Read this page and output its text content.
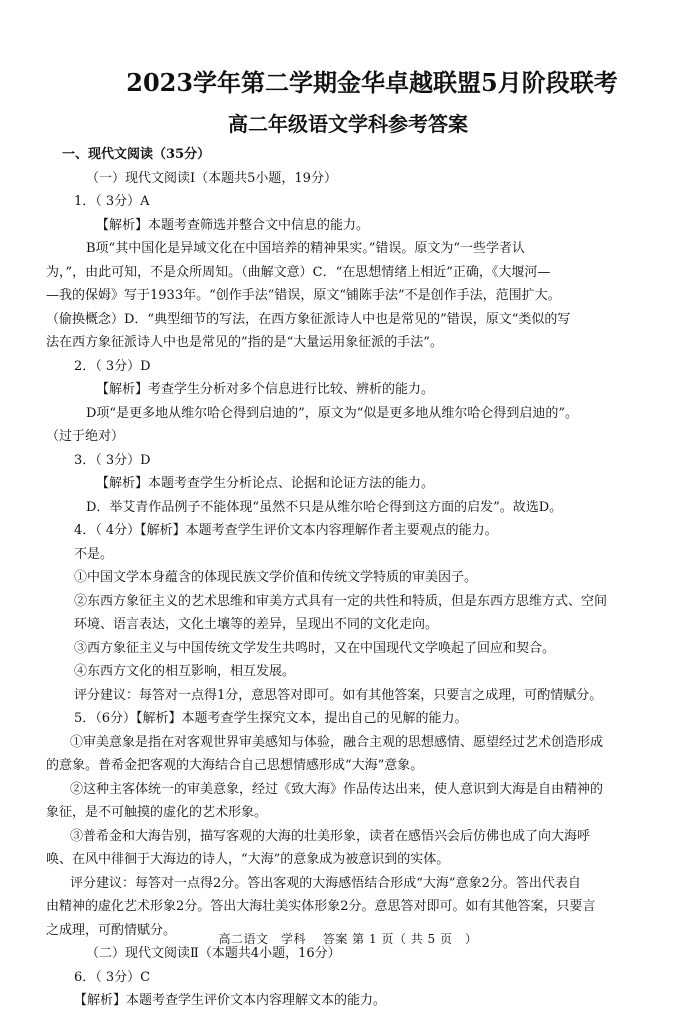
2023学年第二学期金华卓越联盟5月阶段联考
高二年级语文学科参考答案
一、现代文阅读（35分）
（一）现代文阅读Ⅰ（本题共5小题，19分）
1．（ 3分）A
【解析】本题考查筛选并整合文中信息的能力。
B项“其中国化是异域文化在中国培养的精神果实。”错误。原文为“一些学者认
为，”，由此可知，不是众所周知。（曲解文意）C．“在思想情绪上相近”正确，《大堰河—
—我的保姆》写于1933年。“创作手法”错误，原文“铺陈手法”不是创作手法，范围扩大。
（偷换概念）D．“典型细节的写法，在西方象征派诗人中也是常见的”错误，原文“类似的写
法在西方象征派诗人中也是常见的”指的是“大量运用象征派的手法”。
2．（ 3分）D
【解析】考查学生分析对多个信息进行比较、辨析的能力。
D项“是更多地从维尔哈仑得到启迪的”，原文为“似是更多地从维尔哈仑得到启迪的”。
（过于绝对）
3．（ 3分）D
【解析】本题考查学生分析论点、论据和论证方法的能力。
D．举艾青作品例子不能体现“虽然不只是从维尔哈仑得到这方面的启发”。故选D。
4．（ 4分）【解析】本题考查学生评价文本内容理解作者主要观点的能力。
不是。
①中国文学本身蕴含的体现民族文学价值和传统文学特质的审美因子。
②东西方象征主义的艺术思维和审美方式具有一定的共性和特质，但是东西方思维方式、空间
环境、语言表达，文化土壤等的差异，呈现出不同的文化走向。
③西方象征主义与中国传统文学发生共鸣时，又在中国现代文学唤起了回应和契合。
④东西方文化的相互影响，相互发展。
评分建议：每答对一点得1分，意思答对即可。如有其他答案，只要言之成理，可酌情赋分。
5．（6分）【解析】本题考查学生探究文本，提出自己的见解的能力。
①审美意象是指在对客观世界审美感知与体验，融合主观的思想感情、愿望经过艺术创造形成
的意象。普希金把客观的大海结合自己思想情感形成“大海”意象。
②这种主客体统一的审美意象，经过《致大海》作品传达出来，使人意识到大海是自由精神的
象征，是不可触摸的虚化的艺术形象。
③普希金和大海告别，描写客观的大海的壮美形象，读者在感悟兴会后仿佛也成了向大海呼
唤、在风中徘徊于大海边的诗人，“大海”的意象成为被意识到的实体。
评分建议：每答对一点得2分。答出客观的大海感悟结合形成“大海”意象2分。答出代表自
由精神的虚化艺术形象2分。答出大海壮美实体形象2分。意思答对即可。如有其他答案，只要言
之成理，可酌情赋分。
（二）现代文阅读Ⅱ（本题共4小题，16分）
6．（ 3分）C
【解析】本题考查学生评价文本内容理解文本的能力。
高二语文　学科　 答案 第 1 页（ 共 5 页　）
